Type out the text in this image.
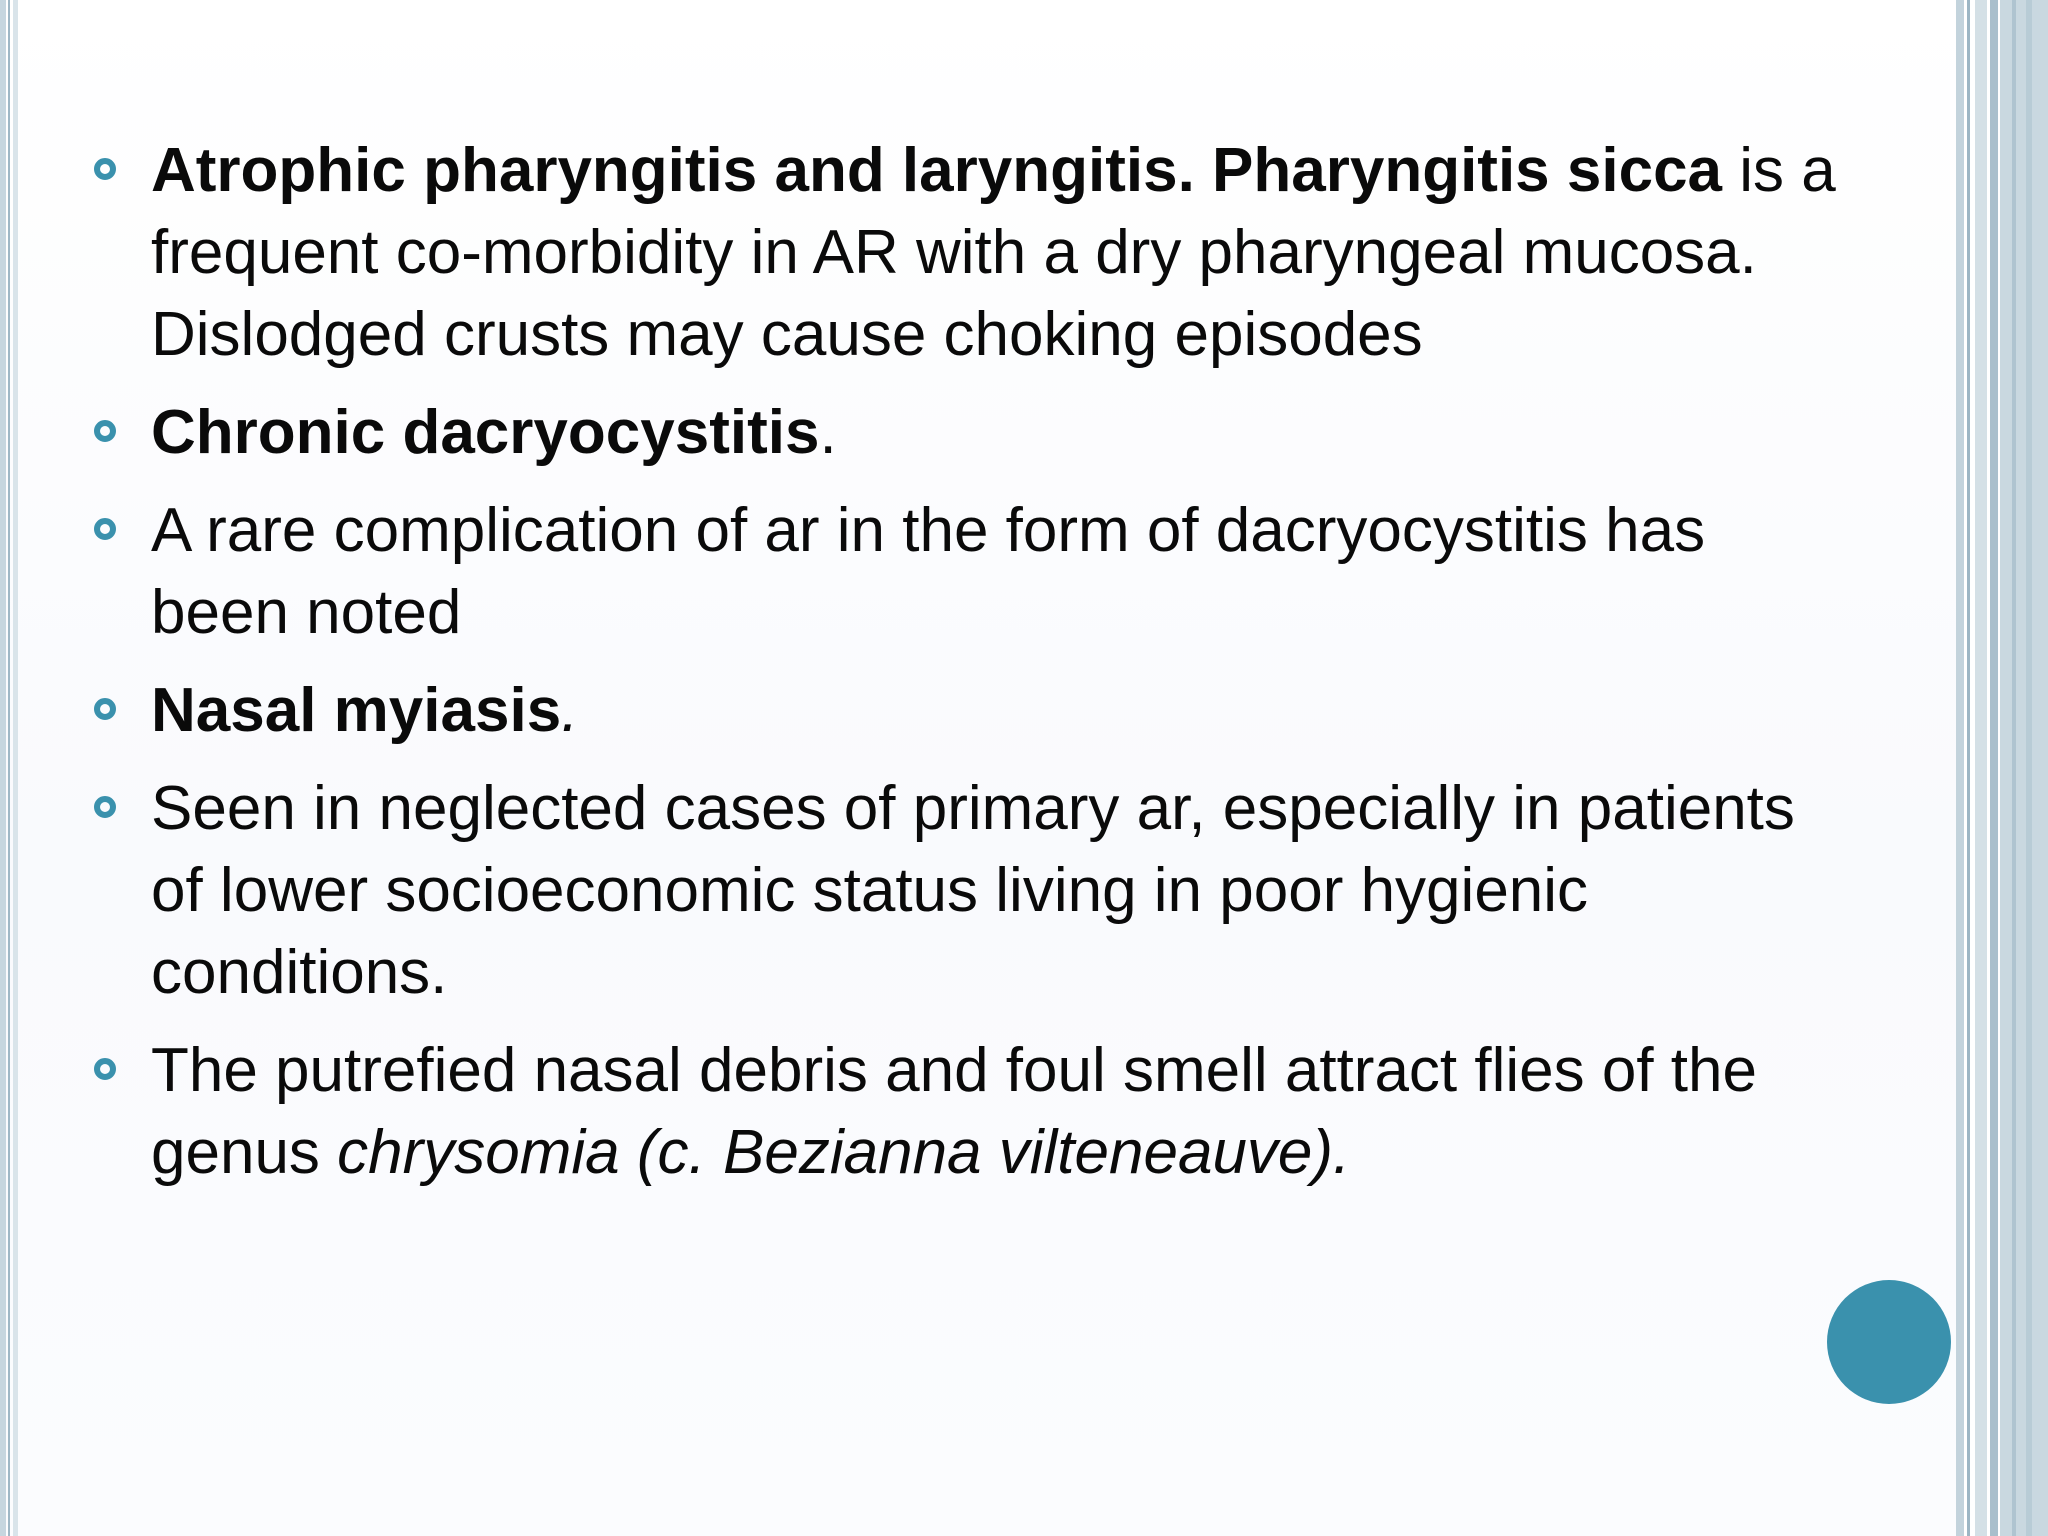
Atrophic pharyngitis and laryngitis. Pharyngitis sicca is a frequent co-morbidity in AR with a dry pharyngeal mucosa. Dislodged crusts may cause choking episodes
Chronic dacryocystitis.
A rare complication of ar in the form of dacryocystitis has been noted
Nasal myiasis.
Seen in neglected cases of primary ar, especially in patients of lower socioeconomic status living in poor hygienic conditions.
The putrefied nasal debris and foul smell attract flies of the genus chrysomia (c. Bezianna vilteneauve).
